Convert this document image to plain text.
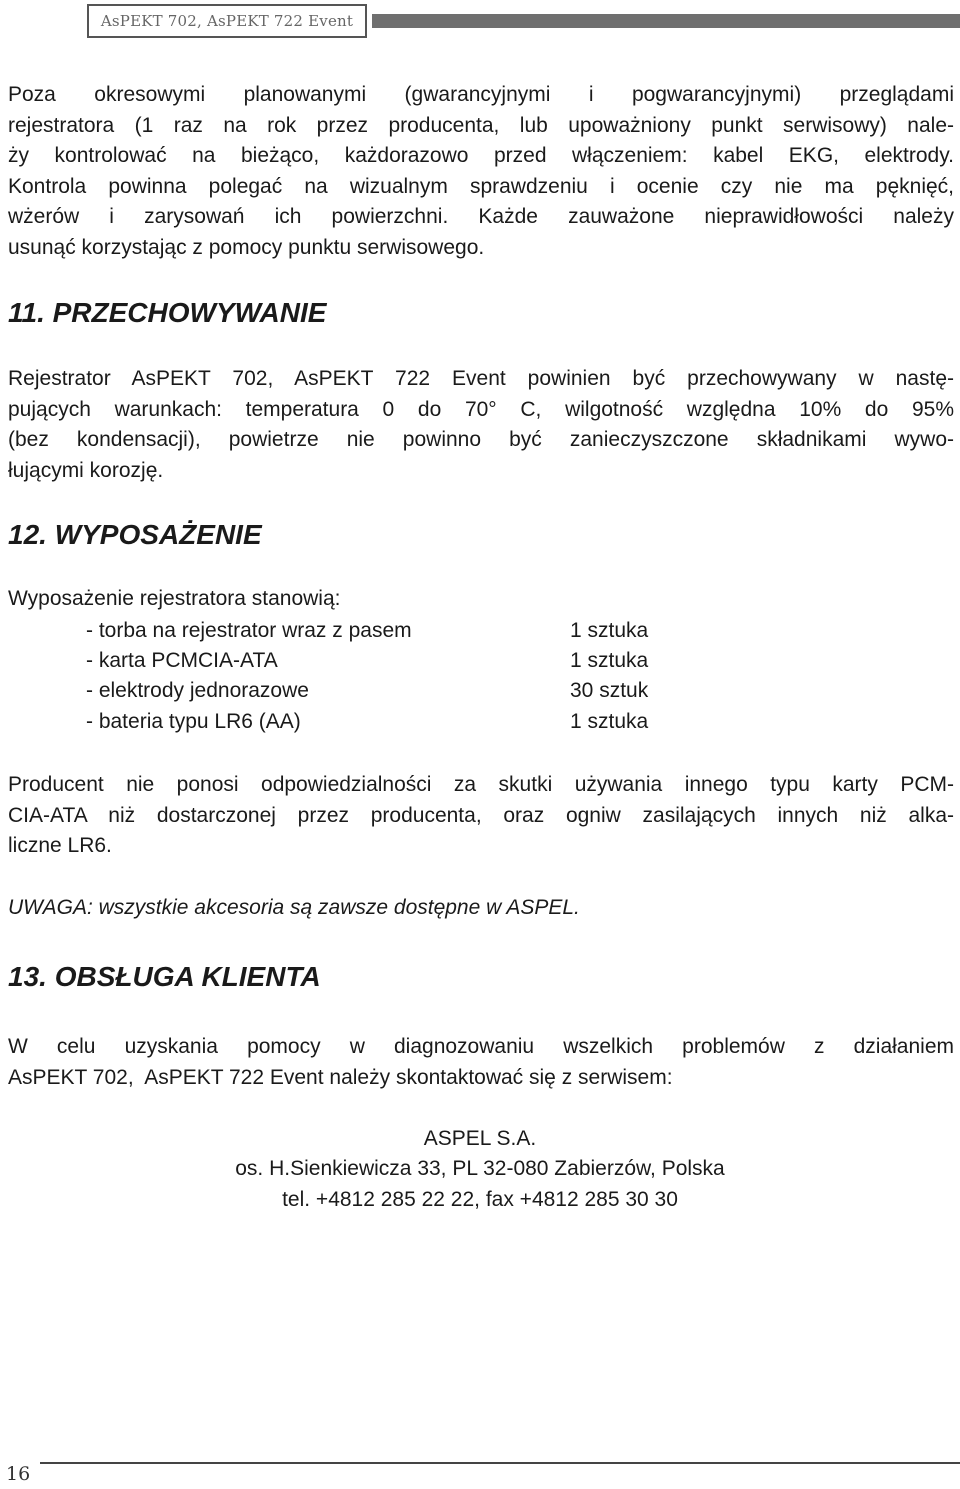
AsPEKT 702, AsPEKT 722 Event
Poza okresowymi planowanymi (gwarancyjnymi i pogwarancyjnymi) przeglądami
rejestratora (1 raz na rok przez producenta, lub upoważniony punkt serwisowy) nale-
ży kontrolować na bieżąco, każdorazowo przed włączeniem: kabel EKG, elektrody.
Kontrola powinna polegać na wizualnym sprawdzeniu i ocenie czy nie ma pęknięć,
wżerów i zarysowań ich powierzchni. Każde zauważone nieprawidłowości należy
usunąć korzystając z pomocy punktu serwisowego.
11. PRZECHOWYWANIE
Rejestrator AsPEKT 702, AsPEKT 722 Event powinien być przechowywany w nastę-
pujących warunkach: temperatura 0 do 70° C, wilgotność względna 10% do 95%
(bez kondensacji), powietrze nie powinno być zanieczyszczone składnikami wywo-
łującymi korozję.
12. WYPOSAŻENIE
Wyposażenie rejestratora stanowią:
- torba na rejestrator wraz z pasem	1 sztuka
- karta PCMCIA-ATA	1 sztuka
- elektrody jednorazowe	30 sztuk
- bateria typu LR6 (AA)	1 sztuka
Producent nie ponosi odpowiedzialności za skutki używania innego typu karty PCM-
CIA-ATA niż dostarczonej przez producenta, oraz ogniw zasilających innych niż alka-
liczne LR6.
UWAGA: wszystkie akcesoria są zawsze dostępne w ASPEL.
13. OBSŁUGA KLIENTA
W celu uzyskania pomocy w diagnozowaniu wszelkich problemów z działaniem
AsPEKT 702,  AsPEKT 722 Event należy skontaktować się z serwisem:
ASPEL S.A.
os. H.Sienkiewicza 33, PL 32-080 Zabierzów, Polska
tel. +4812 285 22 22, fax +4812 285 30 30
16
